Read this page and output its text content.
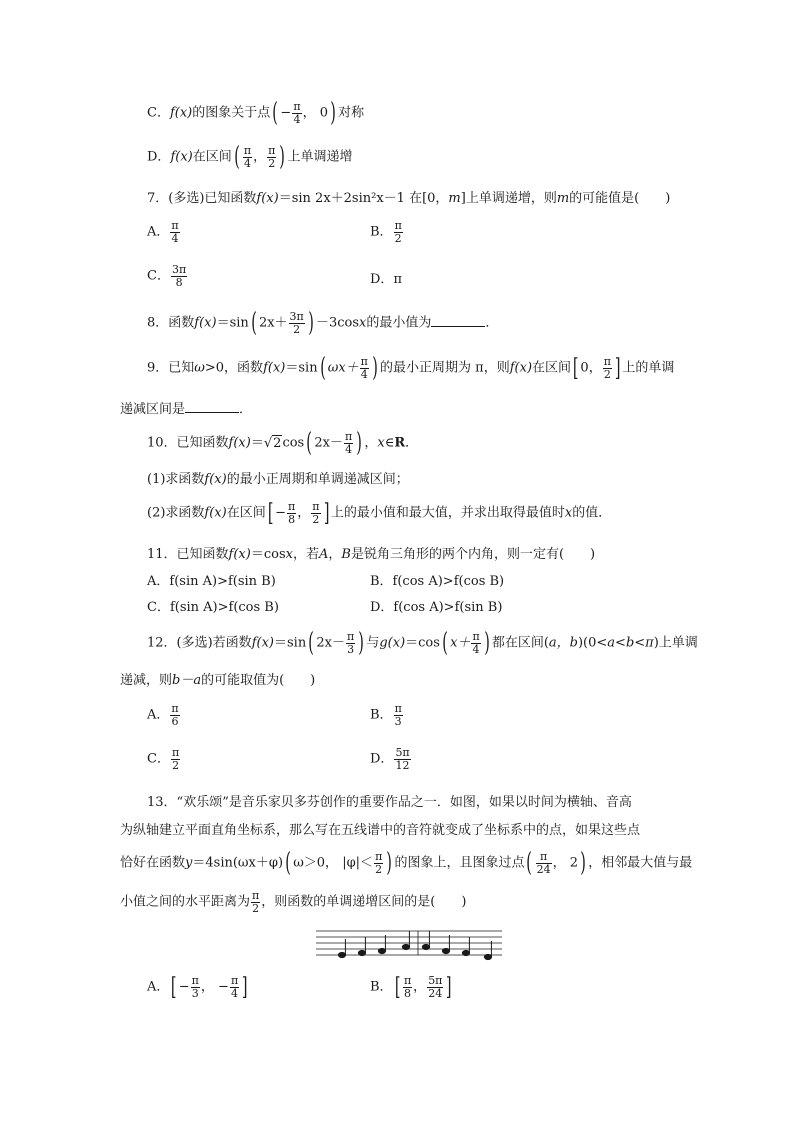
C．f(x)的图象关于点( − $\frac{\pi}{4}$ ， 0) 对称
D．f(x)在区间( $\frac{\pi}{4}$ ， $\frac{\pi}{2}$ ) 上单调递增
7．(多选)已知函数f(x)＝sin 2x＋2sin²x－1 在[0，m]上单调递增，则m的可能值是(　　)
A． $\frac{\pi}{4}$	B． $\frac{\pi}{2}$
C． $\frac{3\pi}{8}$	D．π
8．函数f(x)＝sin( $2x+ \frac{3\pi}{2}$ ) －3cosx的最小值为	．
9．已知ω>0，函数f(x)＝sin( $\omega x+ \frac{\pi}{4}$ ) 的最小正周期为 π，则f(x)在区间[ 0， $\frac{\pi}{2}$ ] 上的单调
递减区间是	．
10．已知函数f(x)＝√2cos( $2x- \frac{\pi}{4}$ ) ，x∈R．
(1)求函数f(x)的最小正周期和单调递减区间；
(2)求函数f(x)在区间[ − $\frac{\pi}{8}$ ， $\frac{\pi}{2}$ ] 上的最小值和最大值，并求出取得最值时x的值．
11．已知函数f(x)＝cosx，若A，B是锐角三角形的两个内角，则一定有(　　)
A．f(sin A)>f(sin B)	B．f(cos A)>f(cos B)
C．f(sin A)>f(cos B)	D．f(cos A)>f(sin B)
12．(多选)若函数f(x)＝sin( $2x- \frac{\pi}{3}$ ) 与g(x)＝cos( $x+ \frac{\pi}{4}$ ) 都在区间(a，b)(0<a<b<π)上单调
递减，则b－a的可能取值为(　　)
A． $\frac{\pi}{6}$	B． $\frac{\pi}{3}$
C． $\frac{\pi}{2}$	D． $\frac{5\pi}{12}$
13．“欢乐颂”是音乐家贝多芬创作的重要作品之一．如图，如果以时间为横轴、音高
为纵轴建立平面直角坐标系，那么写在五线谱中的音符就变成了坐标系中的点，如果这些点
恰好在函数y＝4sin(ωx＋φ)( ω＞0， $|\varphi|< \frac{\pi}{2}$ ) 的图象上，且图象过点( $\frac{\pi}{24}$ ， 2) ，相邻最大值与最
小值之间的水平距离为 $\frac{\pi}{2}$ ，则函数的单调递增区间的是(　　)
A．[ − $\frac{\pi}{3}$ ， − $\frac{\pi}{4}$ ]	B．[ $\frac{\pi}{8}$ ， $\frac{5\pi}{24}$ ]
